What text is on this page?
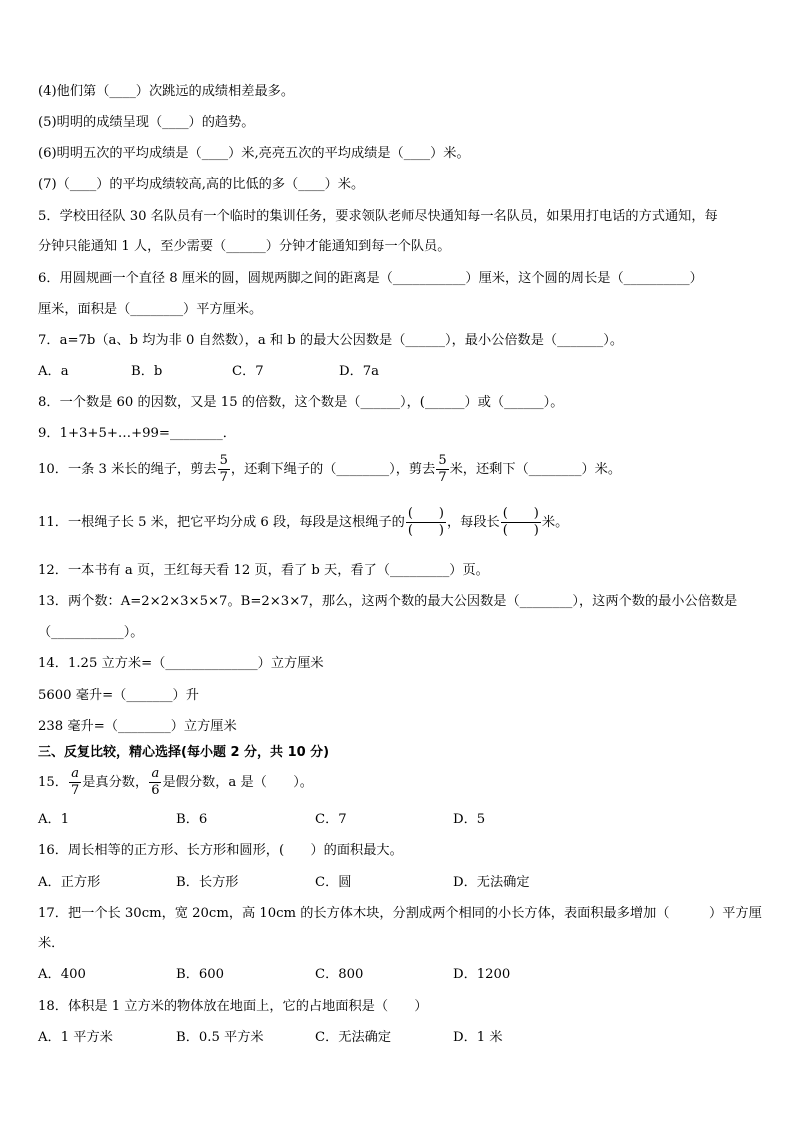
(4)他们第（____）次跳远的成绩相差最多。
(5)明明的成绩呈现（____）的趋势。
(6)明明五次的平均成绩是（____）米,亮亮五次的平均成绩是（____）米。
(7)（____）的平均成绩较高,高的比低的多（____）米。
5．学校田径队 30 名队员有一个临时的集训任务，要求领队老师尽快通知每一名队员，如果用打电话的方式通知，每
分钟只能通知 1 人，至少需要（______）分钟才能通知到每一个队员。
6．用圆规画一个直径 8 厘米的圆，圆规两脚之间的距离是（___________）厘米，这个圆的周长是（__________）
厘米，面积是（________）平方厘米。
7．a=7b（a、b 均为非 0 自然数），a 和 b 的最大公因数是（______），最小公倍数是（_______）。
A．a	B．b	C．7	D．7a
8．一个数是 60 的因数，又是 15 的倍数，这个数是（______），(______）或（______）。
9．1+3+5+…+99=________．
10．一条 3 米长的绳子，剪去 $\frac{5}{7}$ ，还剩下绳子的（________），剪去 $\frac{5}{7}$ 米，还剩下（________）米。
11．一根绳子长 5 米，把它平均分成 6 段，每段是这根绳子的 $\frac{( )}{( )}$ ，每段长 $\frac{( )}{( )}$ 米。
12．一本书有 a 页，王红每天看 12 页，看了 b 天，看了（_________）页。
13．两个数：A=2×2×3×5×7。B=2×3×7，那么，这两个数的最大公因数是（________），这两个数的最小公倍数是
（___________）。
14．1.25 立方米=（______________）立方厘米
5600 毫升=（_______）升
238 毫升=（________）立方厘米
三、反复比较，精心选择(每小题 2 分，共 10 分)
15． $\frac{a}{7}$ 是真分数， $\frac{a}{6}$ 是假分数，a 是（　　）。
A．1	B．6	C．7	D．5
16．周长相等的正方形、长方形和圆形，(　　）的面积最大。
A．正方形	B．长方形	C．圆	D．无法确定
17．把一个长 30cm，宽 20cm，高 10cm 的长方体木块，分割成两个相同的小长方体，表面积最多增加（　　　）平方厘
米．
A．400	B．600	C．800	D．1200
18．体积是 1 立方米的物体放在地面上，它的占地面积是（　　）
A．1 平方米	B．0.5 平方米	C．无法确定	D．1 米
